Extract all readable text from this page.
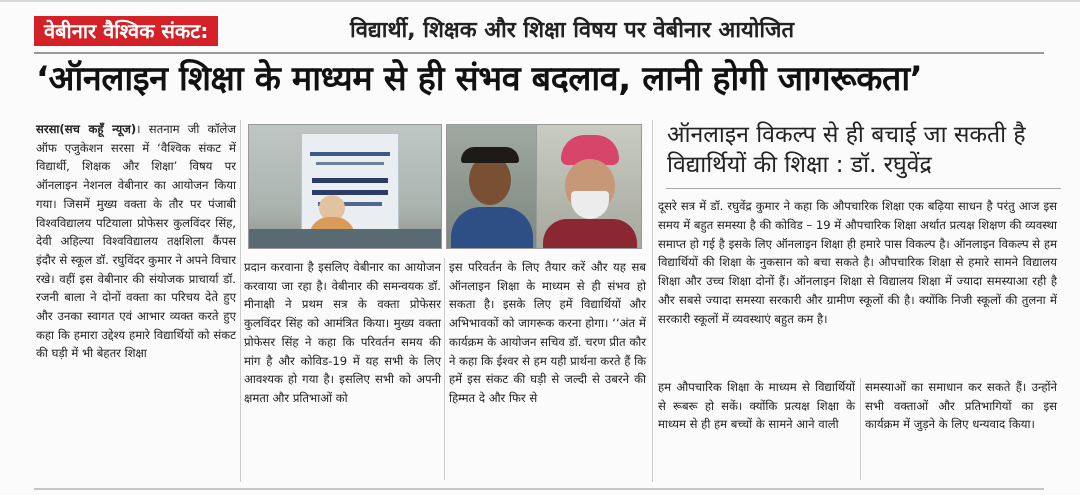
वेबीनार वैश्विक संकट:	विद्यार्थी, शिक्षक और शिक्षा विषय पर वेबीनार आयोजित
‘ऑनलाइन शिक्षा के माध्यम से ही संभव बदलाव, लानी होगी जागरूकता’

सरसा(सच कहूँ न्यूज)। सतनाम जी कॉलेज ऑफ एजुकेशन सरसा में ‘वैश्विक संकट में विद्यार्थी, शिक्षक और शिक्षा’ विषय पर ऑनलाइन नेशनल वेबीनार का आयोजन किया गया। जिसमें मुख्य वक्ता के तौर पर पंजाबी विश्वविद्यालय पटियाला प्रोफेसर कुलविंदर सिंह, देवी अहिल्या विश्वविद्यालय तक्षशिला कैंपस इंदौर से स्कूल डॉ. रघुविंदर कुमार ने अपने विचार रखे। वहीं इस वेबीनार की संयोजक प्राचार्या डॉ. रजनी बाला ने दोनों वक्ता का परिचय देते हुए और उनका स्वागत एवं आभार व्यक्त करते हुए कहा कि हमारा उद्देश्य हमारे विद्यार्थियों को संकट की घड़ी में भी बेहतर शिक्षा

प्रदान करवाना है इसलिए वेबीनार का आयोजन करवाया जा रहा है। वेबीनार की समन्वयक डॉ. मीनाक्षी ने प्रथम सत्र के वक्ता प्रोफेसर कुलविंदर सिंह को आमंत्रित किया। मुख्य वक्ता प्रोफेसर सिंह ने कहा कि परिवर्तन समय की मांग है और कोविड-19 में यह सभी के लिए आवश्यक हो गया है। इसलिए सभी को अपनी क्षमता और प्रतिभाओं को
इस परिवर्तन के लिए तैयार करें और यह सब ऑनलाइन शिक्षा के माध्यम से ही संभव हो सकता है। इसके लिए हमें विद्यार्थियों और अभिभावकों को जागरूक करना होगा। ‘‘अंत में कार्यक्रम के आयोजन सचिव डॉ. चरण प्रीत कौर ने कहा कि ईश्वर से हम यही प्रार्थना करते हैं कि हमें इस संकट की घड़ी से जल्दी से उबरने की हिम्मत दे और फिर से
ऑनलाइन विकल्प से ही बचाई जा सकती है विद्यार्थियों की शिक्षा : डॉ. रघुवेंद्र
दूसरे सत्र में डॉ. रघुवेंद्र कुमार ने कहा कि औपचारिक शिक्षा एक बढ़िया साधन है परंतु आज इस समय में बहुत समस्या है की कोविड – 19 में औपचारिक शिक्षा अर्थात प्रत्यक्ष शिक्षण की व्यवस्था समाप्त हो गई है इसके लिए ऑनलाइन शिक्षा ही हमारे पास विकल्प है। ऑनलाइन विकल्प से हम विद्यार्थियों की शिक्षा के नुकसान को बचा सकते है। औपचारिक शिक्षा से हमारे सामने विद्यालय शिक्षा और उच्च शिक्षा दोनों हैं। ऑनलाइन शिक्षा से विद्यालय शिक्षा में ज्यादा समस्याआ रही है और सबसे ज्यादा समस्या सरकारी और ग्रामीण स्कूलों की है। क्योंकि निजी स्कूलों की तुलना में सरकारी स्कूलों में व्यवस्थाएं बहुत कम है।
हम औपचारिक शिक्षा के माध्यम से विद्यार्थियों से रूबरू हो सकें। क्योंकि प्रत्यक्ष शिक्षा के माध्यम से ही हम बच्चों के सामने आने वाली
समस्याओं का समाधान कर सकते हैं। उन्होंने सभी वक्ताओं और प्रतिभागियों का इस कार्यक्रम में जुड़ने के लिए धन्यवाद किया।
